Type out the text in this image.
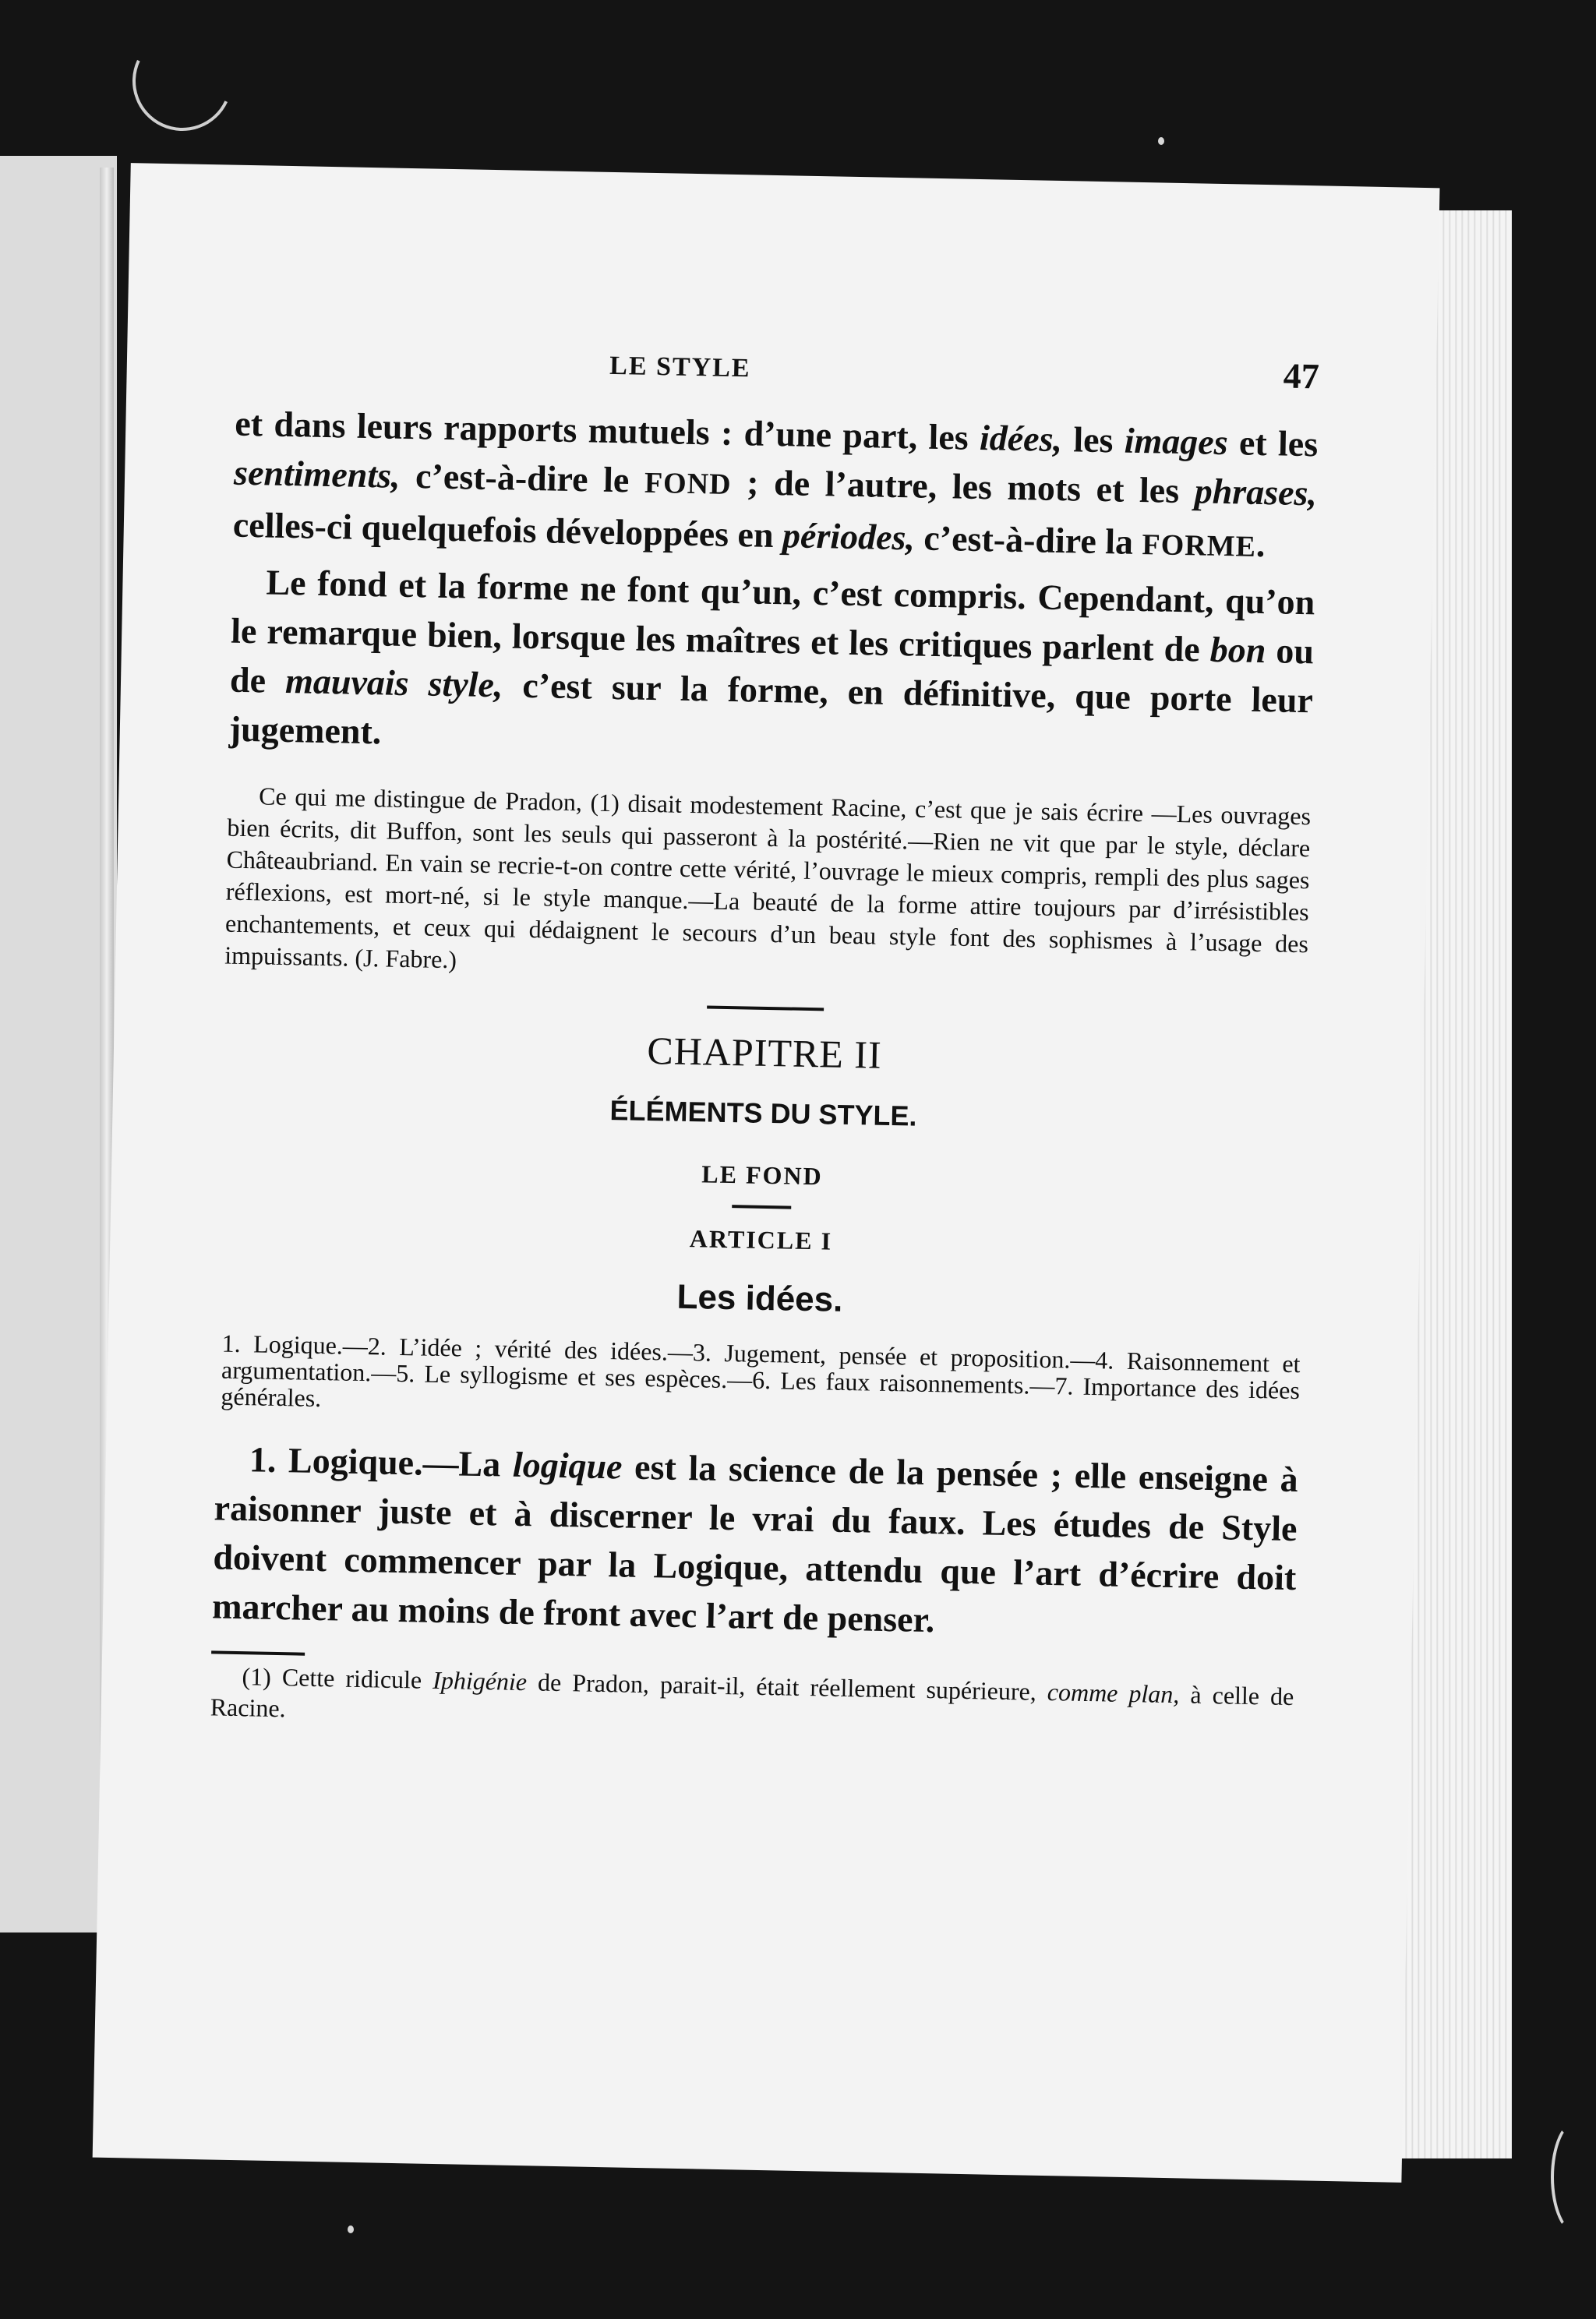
LE STYLE	47

et dans leurs rapports mutuels : d’une part, les idées, les images et les sentiments, c’est-à-dire le FOND ; de l’autre, les mots et les phrases, celles-ci quelquefois développées en périodes, c’est-à-dire la FORME.

Le fond et la forme ne font qu’un, c’est compris. Cependant, qu’on le remarque bien, lorsque les maîtres et les critiques parlent de bon ou de mauvais style, c’est sur la forme, en définitive, que porte leur jugement.

Ce qui me distingue de Pradon, (1) disait modestement Racine, c’est que je sais écrire —Les ouvrages bien écrits, dit Buffon, sont les seuls qui passeront à la postérité.—Rien ne vit que par le style, déclare Châteaubriand. En vain se recrie-t-on contre cette vérité, l’ouvrage le mieux compris, rempli des plus sages réflexions, est mort-né, si le style manque.—La beauté de la forme attire toujours par d’irrésistibles enchantements, et ceux qui dédaignent le secours d’un beau style font des sophismes à l’usage des impuissants. (J. Fabre.)

CHAPITRE II
ÉLÉMENTS DU STYLE.
LE FOND
ARTICLE I
Les idées.

1. Logique.—2. L’idée ; vérité des idées.—3. Jugement, pensée et proposition.—4. Raisonnement et argumentation.—5. Le syllogisme et ses espèces.—6. Les faux raisonnements.—7. Importance des idées générales.

1. Logique.—La logique est la science de la pensée ; elle enseigne à raisonner juste et à discerner le vrai du faux. Les études de Style doivent commencer par la Logique, attendu que l’art d’écrire doit marcher au moins de front avec l’art de penser.

(1) Cette ridicule Iphigénie de Pradon, parait-il, était réellement supérieure, comme plan, à celle de Racine.
